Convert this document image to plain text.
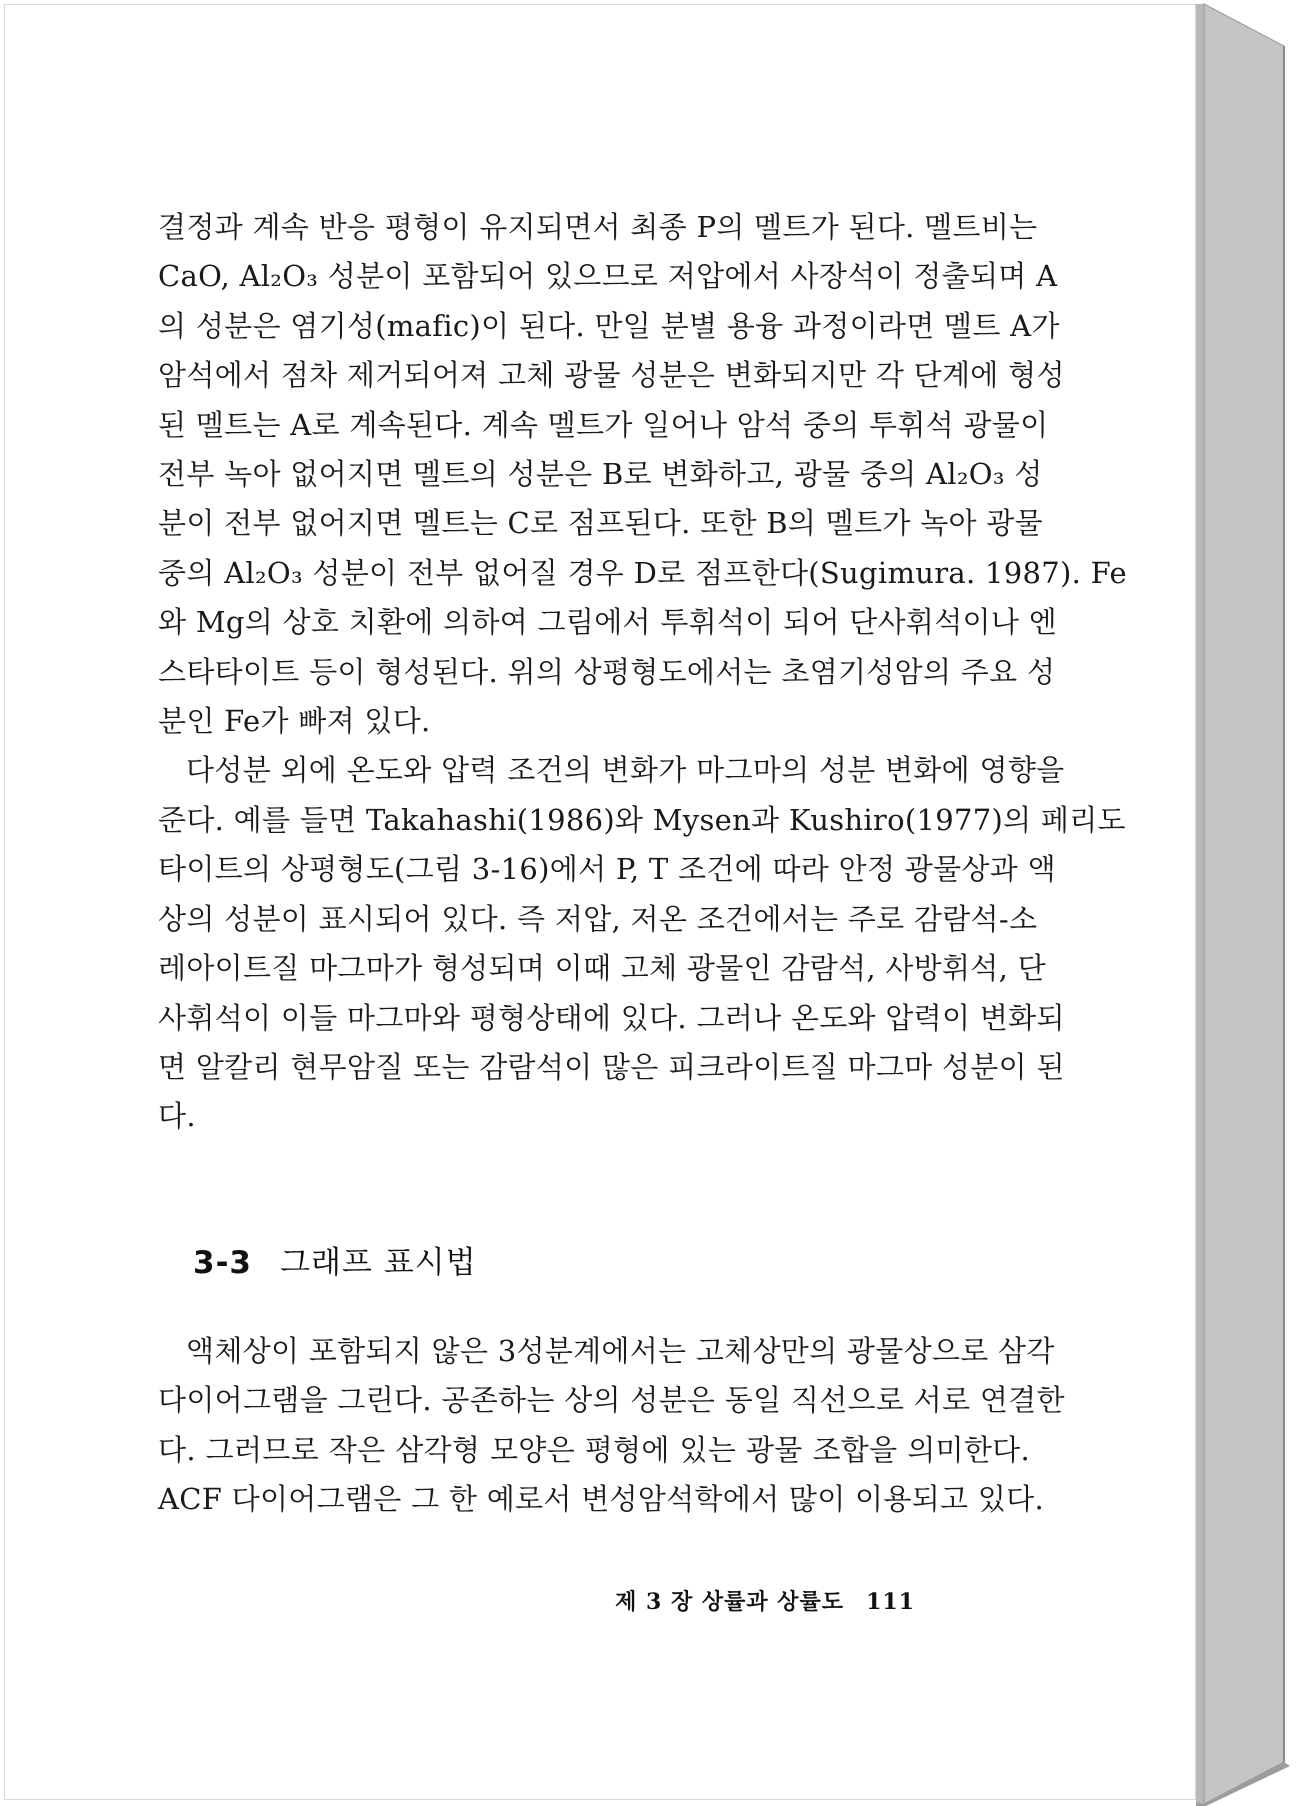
결정과 계속 반응 평형이 유지되면서 최종 P의 멜트가 된다. 멜트비는
CaO, Al₂O₃ 성분이 포함되어 있으므로 저압에서 사장석이 정출되며 A
의 성분은 염기성(mafic)이 된다. 만일 분별 용융 과정이라면 멜트 A가
암석에서 점차 제거되어져 고체 광물 성분은 변화되지만 각 단계에 형성
된 멜트는 A로 계속된다. 계속 멜트가 일어나 암석 중의 투휘석 광물이
전부 녹아 없어지면 멜트의 성분은 B로 변화하고, 광물 중의 Al₂O₃ 성
분이 전부 없어지면 멜트는 C로 점프된다. 또한 B의 멜트가 녹아 광물
중의 Al₂O₃ 성분이 전부 없어질 경우 D로 점프한다(Sugimura. 1987). Fe
와 Mg의 상호 치환에 의하여 그림에서 투휘석이 되어 단사휘석이나 엔
스타타이트 등이 형성된다. 위의 상평형도에서는 초염기성암의 주요 성
분인 Fe가 빠져 있다.

다성분 외에 온도와 압력 조건의 변화가 마그마의 성분 변화에 영향을
준다. 예를 들면 Takahashi(1986)와 Mysen과 Kushiro(1977)의 페리도
타이트의 상평형도(그림 3-16)에서 P, T 조건에 따라 안정 광물상과 액
상의 성분이 표시되어 있다. 즉 저압, 저온 조건에서는 주로 감람석-소
레아이트질 마그마가 형성되며 이때 고체 광물인 감람석, 사방휘석, 단
사휘석이 이들 마그마와 평형상태에 있다. 그러나 온도와 압력이 변화되
면 알칼리 현무암질 또는 감람석이 많은 피크라이트질 마그마 성분이 된
다.

3-3 그래프 표시법

액체상이 포함되지 않은 3성분계에서는 고체상만의 광물상으로 삼각
다이어그램을 그린다. 공존하는 상의 성분은 동일 직선으로 서로 연결한
다. 그러므로 작은 삼각형 모양은 평형에 있는 광물 조합을 의미한다.
ACF 다이어그램은 그 한 예로서 변성암석학에서 많이 이용되고 있다.

제 3 장 상률과 상률도 111
